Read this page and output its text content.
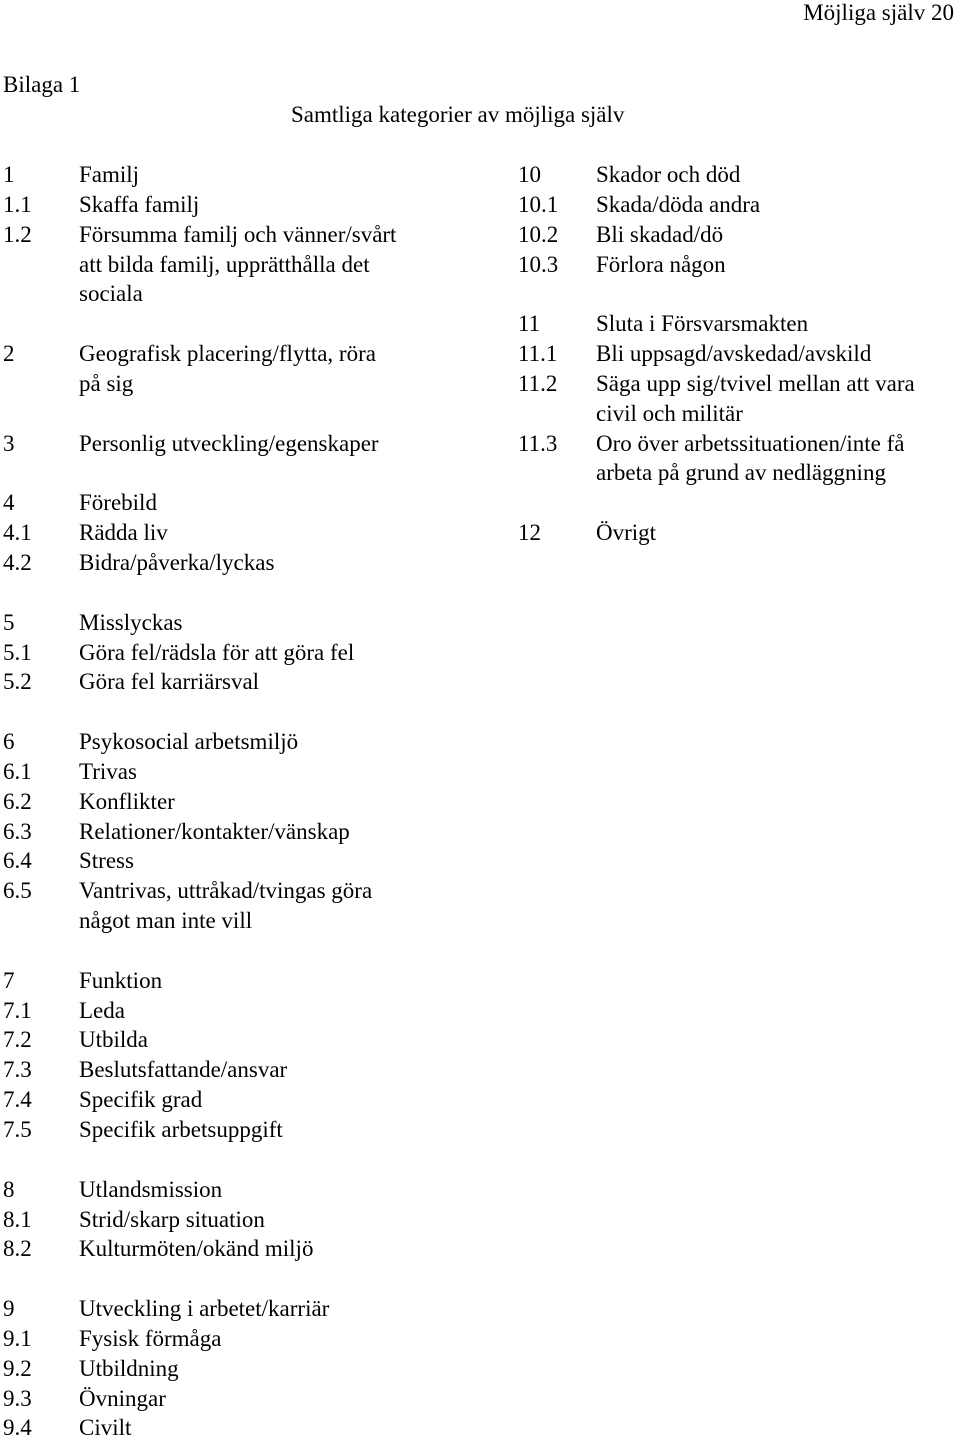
Möjliga själv 20
Bilaga 1
Samtliga kategorier av möjliga själv
1	Familj
1.1	Skaffa familj
1.2	Försumma familj och vänner/svårt
att bilda familj, upprätthålla det
sociala
2	Geografisk placering/flytta, röra
på sig
3	Personlig utveckling/egenskaper
4	Förebild
4.1	Rädda liv
4.2	Bidra/påverka/lyckas
5	Misslyckas
5.1	Göra fel/rädsla för att göra fel
5.2	Göra fel karriärsval
6	Psykosocial arbetsmiljö
6.1	Trivas
6.2	Konflikter
6.3	Relationer/kontakter/vänskap
6.4	Stress
6.5	Vantrivas, uttråkad/tvingas göra
något man inte vill
7	Funktion
7.1	Leda
7.2	Utbilda
7.3	Beslutsfattande/ansvar
7.4	Specifik grad
7.5	Specifik arbetsuppgift
8	Utlandsmission
8.1	Strid/skarp situation
8.2	Kulturmöten/okänd miljö
9	Utveckling i arbetet/karriär
9.1	Fysisk förmåga
9.2	Utbildning
9.3	Övningar
9.4	Civilt
10	Skador och död
10.1	Skada/döda andra
10.2	Bli skadad/dö
10.3	Förlora någon
11	Sluta i Försvarsmakten
11.1	Bli uppsagd/avskedad/avskild
11.2	Säga upp sig/tvivel mellan att vara
civil och militär
11.3	Oro över arbetssituationen/inte få
arbeta på grund av nedläggning
12	Övrigt
